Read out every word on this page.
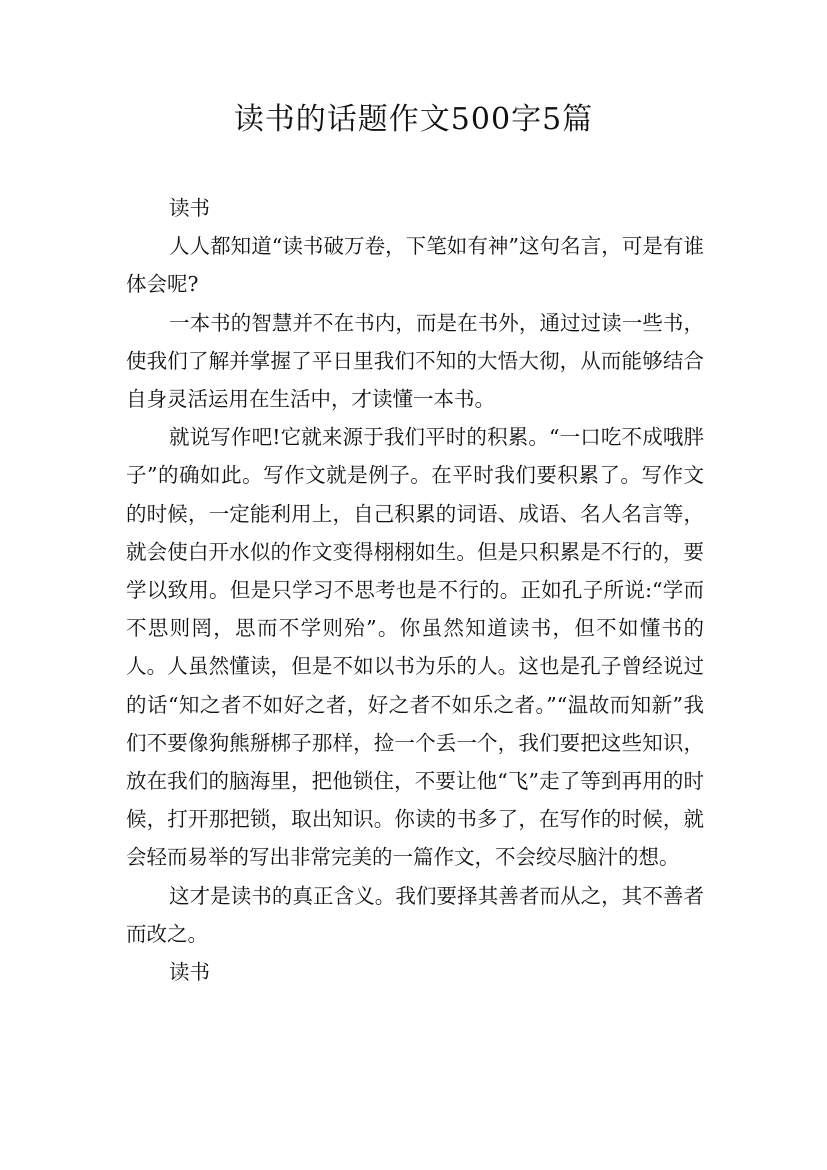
读书的话题作文500字5篇

读书

人人都知道“读书破万卷，下笔如有神”这句名言，可是有谁体会呢?

一本书的智慧并不在书内，而是在书外，通过过读一些书，使我们了解并掌握了平日里我们不知的大悟大彻，从而能够结合自身灵活运用在生活中，才读懂一本书。

就说写作吧!它就来源于我们平时的积累。“一口吃不成哦胖子”的确如此。写作文就是例子。在平时我们要积累了。写作文的时候，一定能利用上，自己积累的词语、成语、名人名言等，就会使白开水似的作文变得栩栩如生。但是只积累是不行的，要学以致用。但是只学习不思考也是不行的。正如孔子所说:“学而不思则罔，思而不学则殆”。你虽然知道读书，但不如懂书的人。人虽然懂读，但是不如以书为乐的人。这也是孔子曾经说过的话“知之者不如好之者，好之者不如乐之者。”“温故而知新”我们不要像狗熊掰梆子那样，捡一个丢一个，我们要把这些知识，放在我们的脑海里，把他锁住，不要让他“飞”走了等到再用的时候，打开那把锁，取出知识。你读的书多了，在写作的时候，就会轻而易举的写出非常完美的一篇作文，不会绞尽脑汁的想。

这才是读书的真正含义。我们要择其善者而从之，其不善者而改之。

读书
